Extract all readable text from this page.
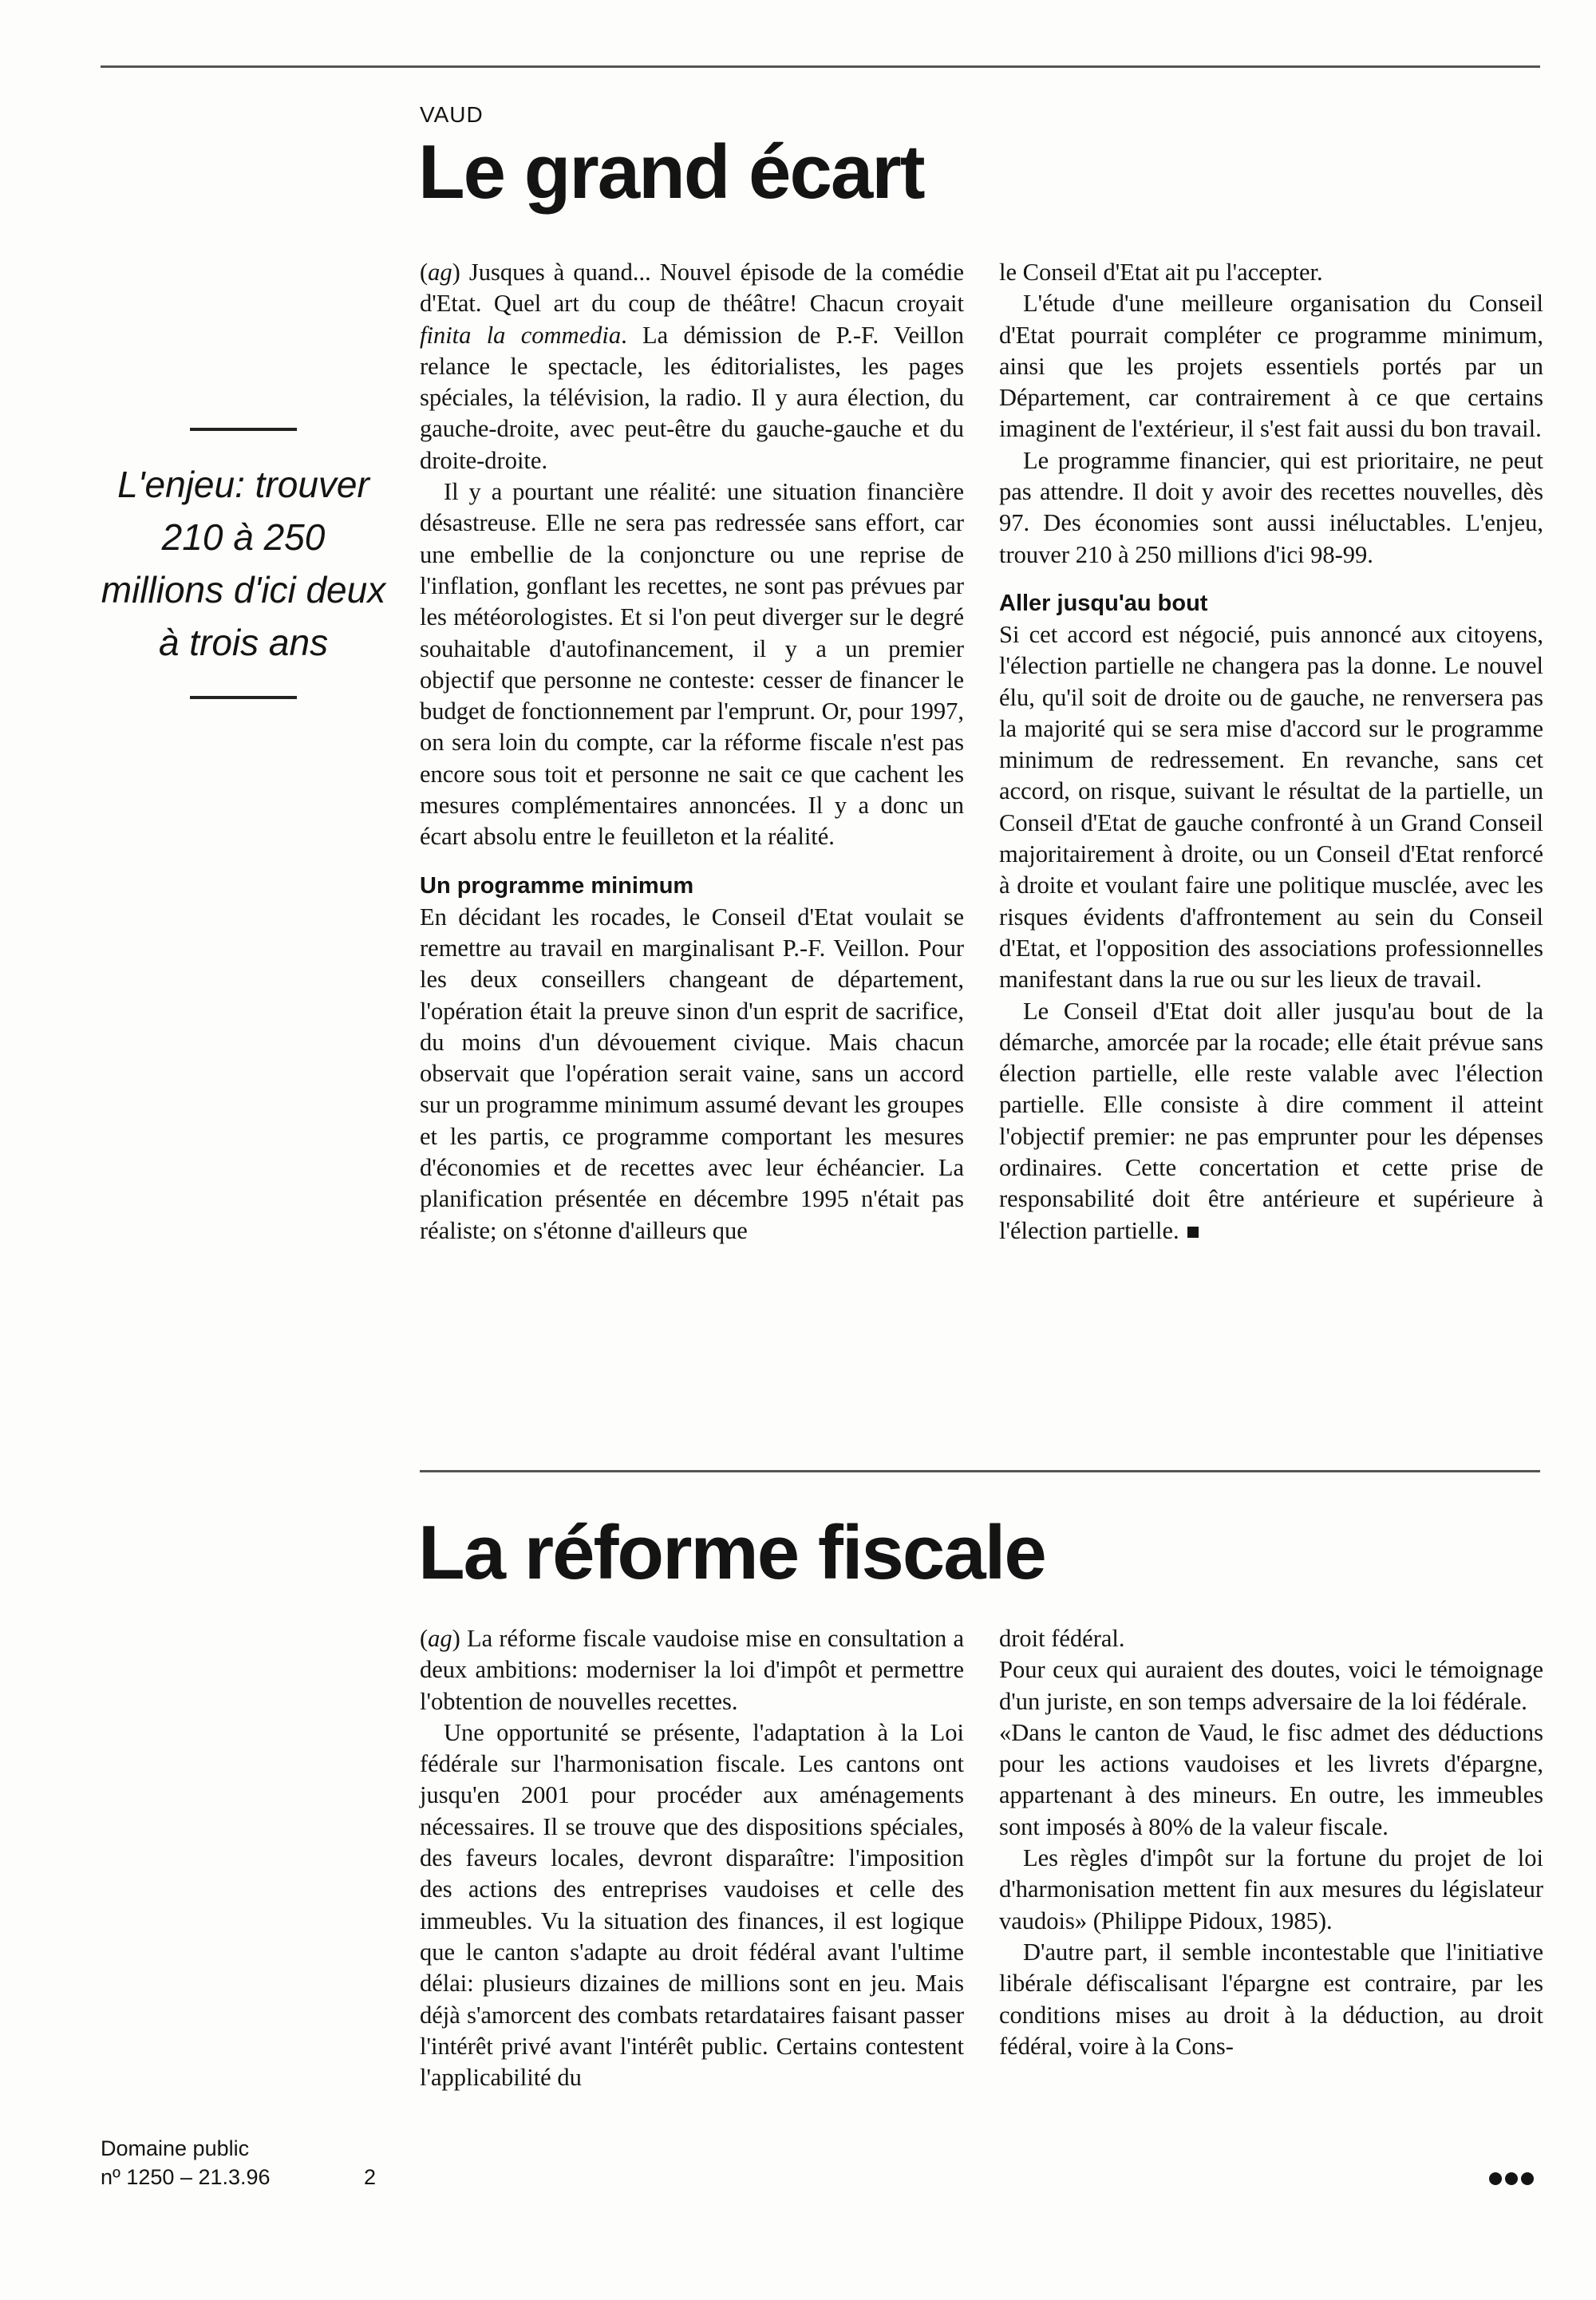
VAUD
Le grand écart
L'enjeu: trouver 210 à 250 millions d'ici deux à trois ans

(ag) Jusques à quand... Nouvel épisode de la comédie d'Etat. Quel art du coup de théâtre! Chacun croyait finita la commedia. La démission de P.-F. Veillon relance le spectacle, les éditorialistes, les pages spéciales, la télévision, la radio. Il y aura élection, du gauche-droite, avec peut-être du gauche-gauche et du droite-droite.

Il y a pourtant une réalité: une situation financière désastreuse. Elle ne sera pas redressée sans effort, car une embellie de la conjoncture ou une reprise de l'inflation, gonflant les recettes, ne sont pas prévues par les météorologistes. Et si l'on peut diverger sur le degré souhaitable d'autofinancement, il y a un premier objectif que personne ne conteste: cesser de financer le budget de fonctionnement par l'emprunt. Or, pour 1997, on sera loin du compte, car la réforme fiscale n'est pas encore sous toit et personne ne sait ce que cachent les mesures complémentaires annoncées. Il y a donc un écart absolu entre le feuilleton et la réalité.

Un programme minimum

En décidant les rocades, le Conseil d'Etat voulait se remettre au travail en marginalisant P.-F. Veillon. Pour les deux conseillers changeant de département, l'opération était la preuve sinon d'un esprit de sacrifice, du moins d'un dévouement civique. Mais chacun observait que l'opération serait vaine, sans un accord sur un programme minimum assumé devant les groupes et les partis, ce programme comportant les mesures d'économies et de recettes avec leur échéancier. La planification présentée en décembre 1995 n'était pas réaliste; on s'étonne d'ailleurs que

le Conseil d'Etat ait pu l'accepter.

L'étude d'une meilleure organisation du Conseil d'Etat pourrait compléter ce programme minimum, ainsi que les projets essentiels portés par un Département, car contrairement à ce que certains imaginent de l'extérieur, il s'est fait aussi du bon travail.

Le programme financier, qui est prioritaire, ne peut pas attendre. Il doit y avoir des recettes nouvelles, dès 97. Des économies sont aussi inéluctables. L'enjeu, trouver 210 à 250 millions d'ici 98-99.

Aller jusqu'au bout

Si cet accord est négocié, puis annoncé aux citoyens, l'élection partielle ne changera pas la donne. Le nouvel élu, qu'il soit de droite ou de gauche, ne renversera pas la majorité qui se sera mise d'accord sur le programme minimum de redressement. En revanche, sans cet accord, on risque, suivant le résultat de la partielle, un Conseil d'Etat de gauche confronté à un Grand Conseil majoritairement à droite, ou un Conseil d'Etat renforcé à droite et voulant faire une politique musclée, avec les risques évidents d'affrontement au sein du Conseil d'Etat, et l'opposition des associations professionnelles manifestant dans la rue ou sur les lieux de travail.

Le Conseil d'Etat doit aller jusqu'au bout de la démarche, amorcée par la rocade; elle était prévue sans élection partielle, elle reste valable avec l'élection partielle. Elle consiste à dire comment il atteint l'objectif premier: ne pas emprunter pour les dépenses ordinaires. Cette concertation et cette prise de responsabilité doit être antérieure et supérieure à l'élection partielle.

La réforme fiscale

(ag) La réforme fiscale vaudoise mise en consultation a deux ambitions: moderniser la loi d'impôt et permettre l'obtention de nouvelles recettes.

Une opportunité se présente, l'adaptation à la Loi fédérale sur l'harmonisation fiscale. Les cantons ont jusqu'en 2001 pour procéder aux aménagements nécessaires. Il se trouve que des dispositions spéciales, des faveurs locales, devront disparaître: l'imposition des actions des entreprises vaudoises et celle des immeubles. Vu la situation des finances, il est logique que le canton s'adapte au droit fédéral avant l'ultime délai: plusieurs dizaines de millions sont en jeu. Mais déjà s'amorcent des combats retardataires faisant passer l'intérêt privé avant l'intérêt public. Certains contestent l'applicabilité du

droit fédéral.

Pour ceux qui auraient des doutes, voici le témoignage d'un juriste, en son temps adversaire de la loi fédérale.

«Dans le canton de Vaud, le fisc admet des déductions pour les actions vaudoises et les livrets d'épargne, appartenant à des mineurs. En outre, les immeubles sont imposés à 80% de la valeur fiscale.

Les règles d'impôt sur la fortune du projet de loi d'harmonisation mettent fin aux mesures du législateur vaudois» (Philippe Pidoux, 1985).

D'autre part, il semble incontestable que l'initiative libérale défiscalisant l'épargne est contraire, par les conditions mises au droit à la déduction, au droit fédéral, voire à la Cons-

Domaine public
nº 1250 – 21.3.96	2
